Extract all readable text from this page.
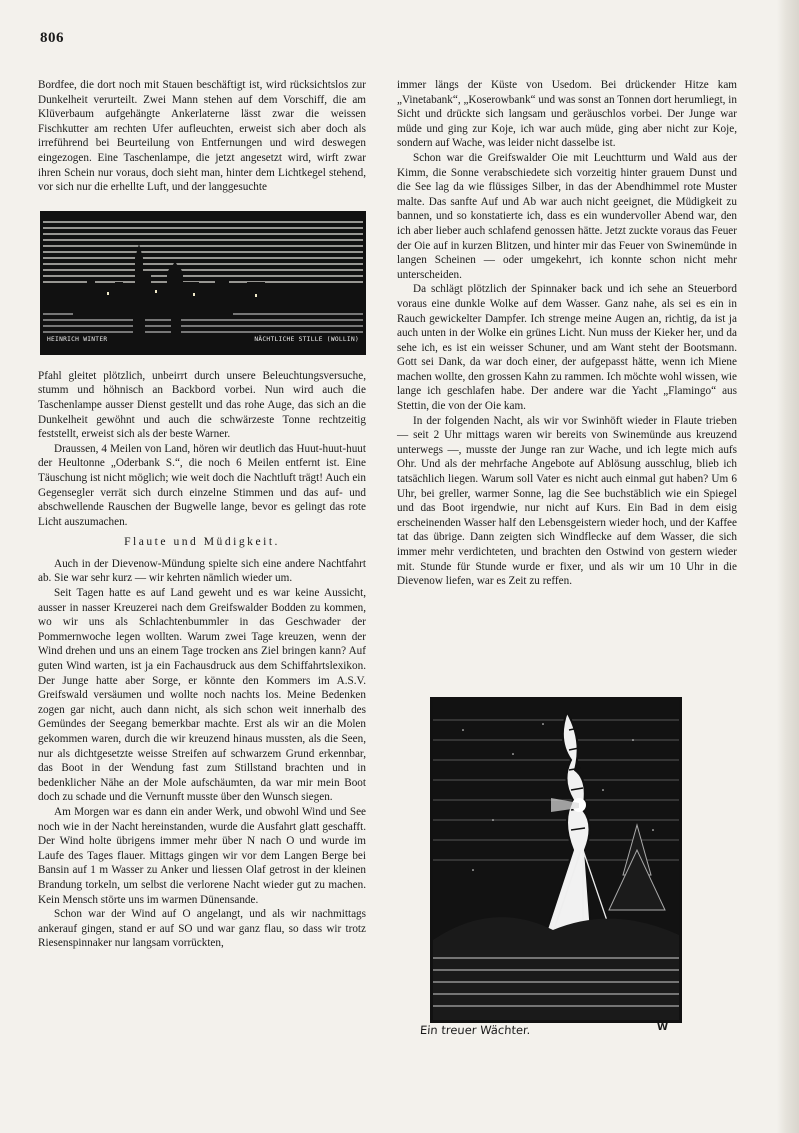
806

Bordfee, die dort noch mit Stauen beschäftigt ist, wird rücksichtslos zur Dunkelheit verurteilt. Zwei Mann stehen auf dem Vorschiff, die am Klüverbaum aufgehängte Ankerlaterne lässt zwar die weissen Fischkutter am rechten Ufer aufleuchten, erweist sich aber doch als irreführend bei Beurteilung von Entfernungen und wird deswegen eingezogen. Eine Taschenlampe, die jetzt angesetzt wird, wirft zwar ihren Schein nur voraus, doch sieht man, hinter dem Lichtkegel stehend, vor sich nur die erhellte Luft, und der langgesuchte

HEINRICH WINTER	NÄCHTLICHE STILLE (WOLLIN)

Pfahl gleitet plötzlich, unbeirrt durch unsere Beleuchtungsversuche, stumm und höhnisch an Backbord vorbei. Nun wird auch die Taschenlampe ausser Dienst gestellt und das rohe Auge, das sich an die Dunkelheit gewöhnt und auch die schwärzeste Tonne rechtzeitig feststellt, erweist sich als der beste Warner.

Draussen, 4 Meilen von Land, hören wir deutlich das Huut-huut-huut der Heultonne „Oderbank S.“, die noch 6 Meilen entfernt ist. Eine Täuschung ist nicht möglich; wie weit doch die Nachtluft trägt! Auch ein Gegensegler verrät sich durch einzelne Stimmen und das auf- und abschwellende Rauschen der Bugwelle lange, bevor es gelingt das rote Licht auszumachen.

Flaute und Müdigkeit.

Auch in der Dievenow-Mündung spielte sich eine andere Nachtfahrt ab. Sie war sehr kurz — wir kehrten nämlich wieder um.

Seit Tagen hatte es auf Land geweht und es war keine Aussicht, ausser in nasser Kreuzerei nach dem Greifswalder Bodden zu kommen, wo wir uns als Schlachtenbummler in das Geschwader der Pommernwoche legen wollten. Warum zwei Tage kreuzen, wenn der Wind drehen und uns an einem Tage trocken ans Ziel bringen kann? Auf guten Wind warten, ist ja ein Fachausdruck aus dem Schiffahrtslexikon. Der Junge hatte aber Sorge, er könnte den Kommers im A.S.V. Greifswald versäumen und wollte noch nachts los. Meine Bedenken zogen gar nicht, auch dann nicht, als sich schon weit innerhalb des Gemündes der Seegang bemerkbar machte. Erst als wir an die Molen gekommen waren, durch die wir kreuzend hinaus mussten, als die Seen, nur als dichtgesetzte weisse Streifen auf schwarzem Grund erkennbar, das Boot in der Wendung fast zum Stillstand brachten und in bedenklicher Nähe an der Mole aufschäumten, da war mir mein Boot doch zu schade und die Vernunft musste über den Wunsch siegen.

Am Morgen war es dann ein ander Werk, und obwohl Wind und See noch wie in der Nacht hereinstanden, wurde die Ausfahrt glatt geschafft. Der Wind holte übrigens immer mehr über N nach O und wurde im Laufe des Tages flauer. Mittags gingen wir vor dem Langen Berge bei Bansin auf 1 m Wasser zu Anker und liessen Olaf getrost in der kleinen Brandung torkeln, um selbst die verlorene Nacht wieder gut zu machen. Kein Mensch störte uns im warmen Dünensande.

Schon war der Wind auf O angelangt, und als wir nachmittags ankerauf gingen, stand er auf SO und war ganz flau, so dass wir trotz Riesenspinnaker nur langsam vorrückten,

immer längs der Küste von Usedom. Bei drückender Hitze kam „Vinetabank“, „Koserowbank“ und was sonst an Tonnen dort herumliegt, in Sicht und drückte sich langsam und geräuschlos vorbei. Der Junge war müde und ging zur Koje, ich war auch müde, ging aber nicht zur Koje, sondern auf Wache, was leider nicht dasselbe ist.

Schon war die Greifswalder Oie mit Leuchtturm und Wald aus der Kimm, die Sonne verabschiedete sich vorzeitig hinter grauem Dunst und die See lag da wie flüssiges Silber, in das der Abendhimmel rote Muster malte. Das sanfte Auf und Ab war auch nicht geeignet, die Müdigkeit zu bannen, und so konstatierte ich, dass es ein wundervoller Abend war, den ich aber lieber auch schlafend genossen hätte. Jetzt zuckte voraus das Feuer der Oie auf in kurzen Blitzen, und hinter mir das Feuer von Swinemünde in langen Scheinen — oder umgekehrt, ich konnte schon nicht mehr unterscheiden.

Da schlägt plötzlich der Spinnaker back und ich sehe an Steuerbord voraus eine dunkle Wolke auf dem Wasser. Ganz nahe, als sei es ein in Rauch gewickelter Dampfer. Ich strenge meine Augen an, richtig, da ist ja auch unten in der Wolke ein grünes Licht. Nun muss der Kieker her, und da sehe ich, es ist ein weisser Schuner, und am Want steht der Bootsmann. Gott sei Dank, da war doch einer, der aufgepasst hätte, wenn ich Miene machen wollte, den grossen Kahn zu rammen. Ich möchte wohl wissen, wie lange ich geschlafen habe. Der andere war die Yacht „Flamingo“ aus Stettin, die von der Oie kam.

In der folgenden Nacht, als wir vor Swinhöft wieder in Flaute trieben — seit 2 Uhr mittags waren wir bereits von Swinemünde aus kreuzend unterwegs —, musste der Junge ran zur Wache, und ich legte mich aufs Ohr. Und als der mehrfache Angebote auf Ablösung ausschlug, blieb ich tatsächlich liegen. Warum soll Vater es nicht auch einmal gut haben? Um 6 Uhr, bei greller, warmer Sonne, lag die See buchstäblich wie ein Spiegel und das Boot irgendwie, nur nicht auf Kurs. Ein Bad in dem eisig erscheinenden Wasser half den Lebensgeistern wieder hoch, und der Kaffee tat das übrige. Dann zeigten sich Windflecke auf dem Wasser, die sich immer mehr verdichteten, und brachten den Ostwind von gestern wieder mit. Stunde für Stunde wurde er fixer, und als wir um 10 Uhr in die Dievenow liefen, war es Zeit zu reffen.

Ein treuer Wächter.	W
